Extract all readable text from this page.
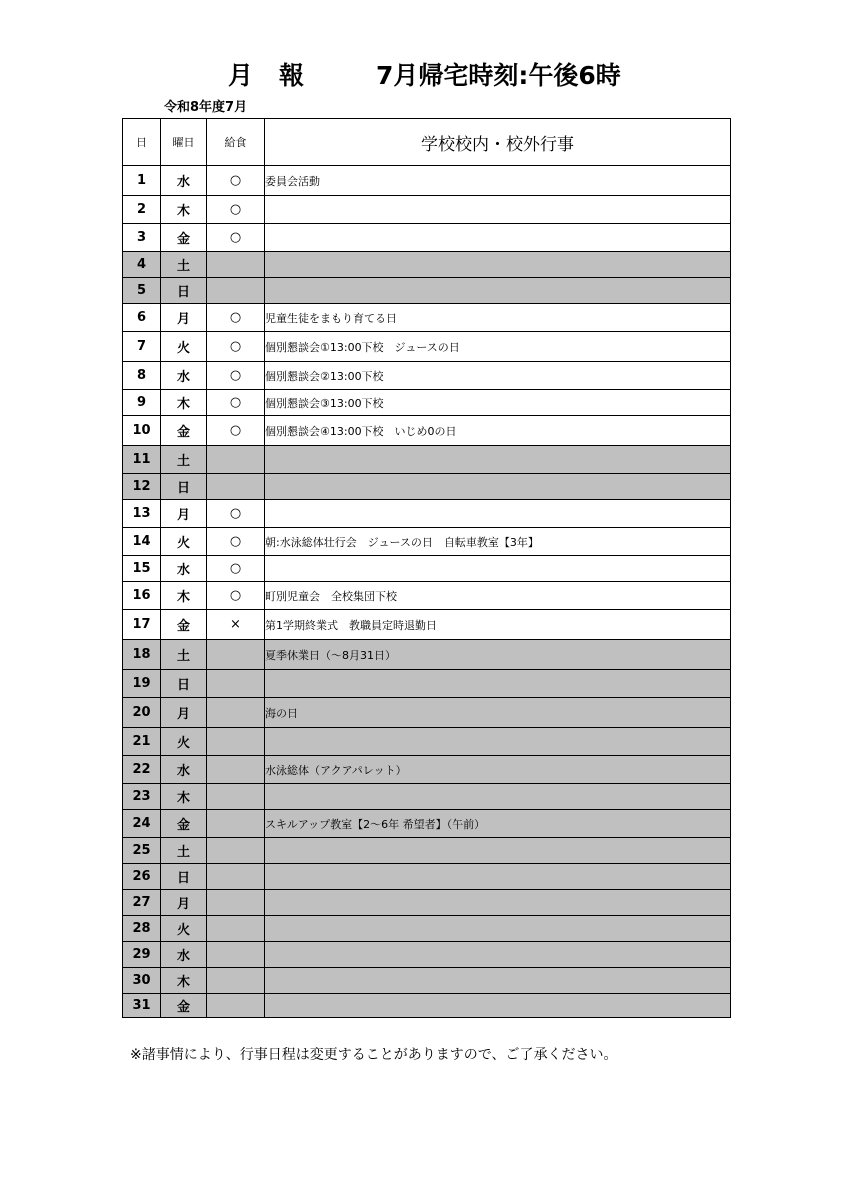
月報

7月帰宅時刻:午後6時

令和8年度7月
日	曜日	給食	学校校内・校外行事
1	水	○	委員会活動
2	木	○	
3	金	○	
4	土		
5	日		
6	月	○	児童生徒をまもり育てる日
7	火	○	個別懇談会①13:00下校　ジュースの日
8	水	○	個別懇談会②13:00下校
9	木	○	個別懇談会③13:00下校
10	金	○	個別懇談会④13:00下校　いじめ0の日
11	土		
12	日		
13	月	○	
14	火	○	朝:水泳総体壮行会　ジュースの日　自転車教室【3年】
15	水	○	
16	木	○	町別児童会　全校集団下校
17	金	×	第1学期終業式　教職員定時退勤日
18	土		夏季休業日（～8月31日）
19	日		
20	月		海の日
21	火		
22	水		水泳総体（アクアパレット）
23	木		
24	金		スキルアップ教室【2～6年 希望者】（午前）
25	土		
26	日		
27	月		
28	火		
29	水		
30	木		
31	金		
※諸事情により、行事日程は変更することがありますので、ご了承ください。
